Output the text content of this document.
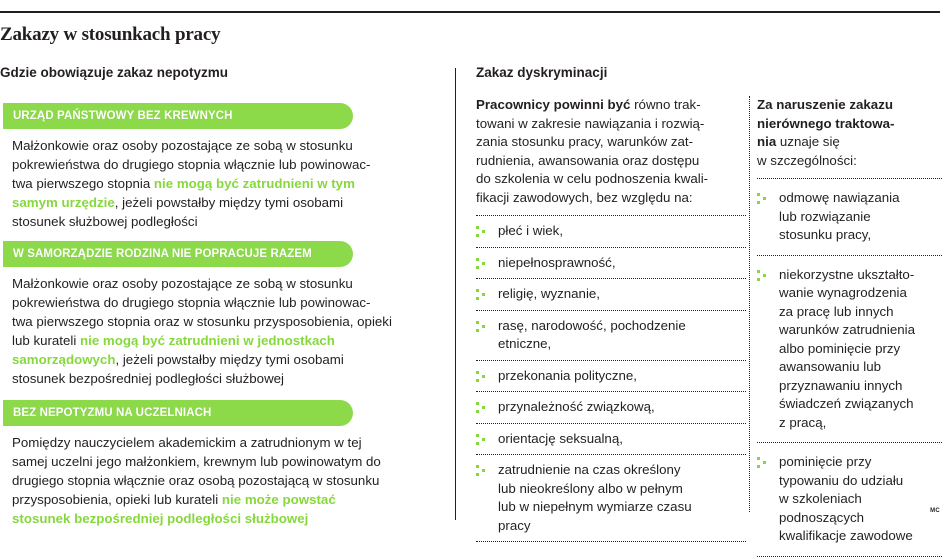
Zakazy w stosunkach pracy
Gdzie obowiązuje zakaz nepotyzmu	Zakaz dyskryminacji
URZĄD PAŃSTWOWY BEZ KREWNYCH
Małżonkowie oraz osoby pozostające ze sobą w stosunku
pokrewieństwa do drugiego stopnia włącznie lub powinowac-
twa pierwszego stopnia nie mogą być zatrudnieni w tym
samym urzędzie, jeżeli powstałby między tymi osobami
stosunek służbowej podległości
W SAMORZĄDZIE RODZINA NIE POPRACUJE RAZEM
Małżonkowie oraz osoby pozostające ze sobą w stosunku
pokrewieństwa do drugiego stopnia włącznie lub powinowac-
twa pierwszego stopnia oraz w stosunku przysposobienia, opieki
lub kurateli nie mogą być zatrudnieni w jednostkach
samorządowych, jeżeli powstałby między tymi osobami
stosunek bezpośredniej podległości służbowej
BEZ NEPOTYZMU NA UCZELNIACH
Pomiędzy nauczycielem akademickim a zatrudnionym w tej
samej uczelni jego małżonkiem, krewnym lub powinowatym do
drugiego stopnia włącznie oraz osobą pozostającą w stosunku
przysposobienia, opieki lub kurateli nie może powstać
stosunek bezpośredniej podległości służbowej
Pracownicy powinni być równo trak-
towani w zakresie nawiązania i rozwią-
zania stosunku pracy, warunków zat-
rudnienia, awansowania oraz dostępu
do szkolenia w celu podnoszenia kwali-
fikacji zawodowych, bez względu na:
płeć i wiek,
niepełnosprawność,
religię, wyznanie,
rasę, narodowość, pochodzenie
etniczne,
przekonania polityczne,
przynależność związkową,
orientację seksualną,
zatrudnienie na czas określony
lub nieokreślony albo w pełnym
lub w niepełnym wymiarze czasu
pracy
Za naruszenie zakazu
nierównego traktowa-
nia uznaje się
w szczególności:
odmowę nawiązania
lub rozwiązanie
stosunku pracy,
niekorzystne ukształto-
wanie wynagrodzenia
za pracę lub innych
warunków zatrudnienia
albo pominięcie przy
awansowaniu lub
przyznawaniu innych
świadczeń związanych
z pracą,
pominięcie przy
typowaniu do udziału
w szkoleniach
podnoszących
kwalifikacje zawodowe
MC
